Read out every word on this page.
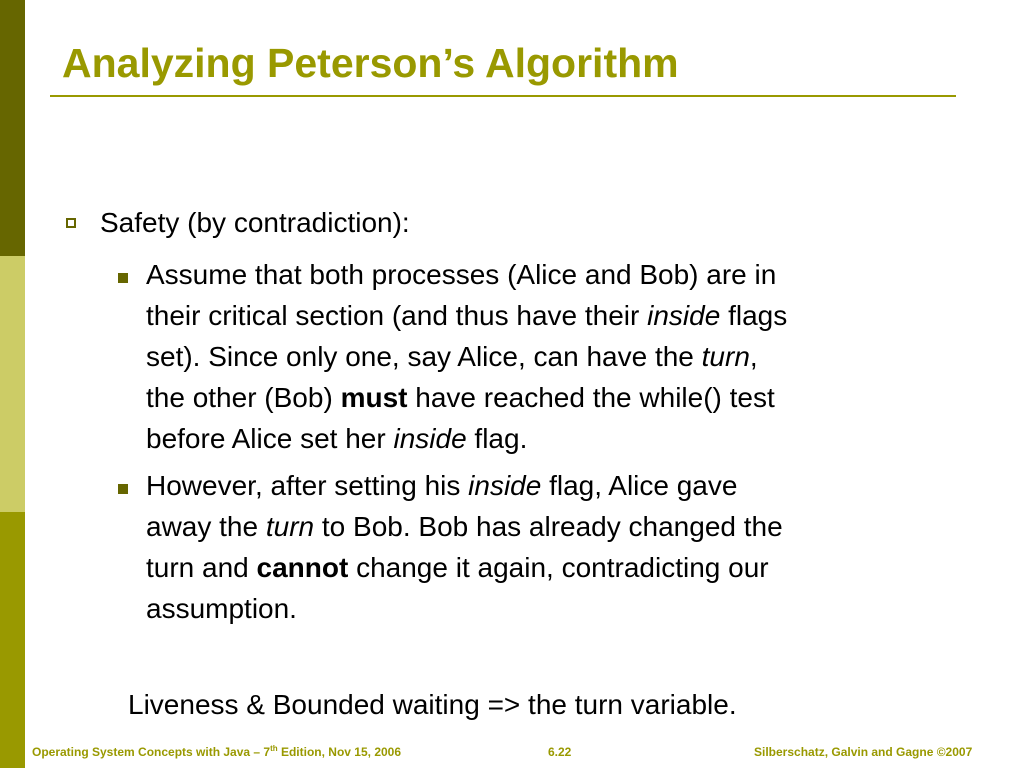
Analyzing Peterson’s Algorithm
Safety (by contradiction):
Assume that both processes (Alice and Bob) are in
their critical section (and thus have their inside flags
set). Since only one, say Alice, can have the turn,
the other (Bob) must have reached the while() test
before Alice set her inside flag.
However, after setting his inside flag, Alice gave
away the turn to Bob. Bob has already changed the
turn and cannot change it again, contradicting our
assumption.
Liveness & Bounded waiting => the turn variable.
Operating System Concepts with Java – 7th Edition, Nov 15, 2006	6.22	Silberschatz, Galvin and Gagne ©2007
